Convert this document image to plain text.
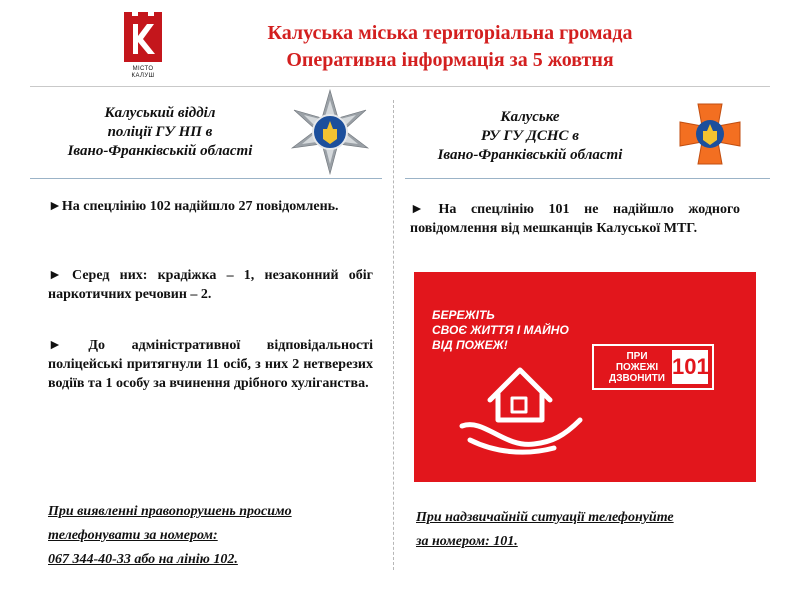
МІСТО
КАЛУШ
Калуська міська територіальна громада
Оперативна інформація за 5 жовтня
Калуський відділ
поліції ГУ НП в
Івано-Франківській області
►На спецлінію 102 надійшло 27 повідомлень.
► Серед них: крадіжка – 1, незаконний обіг наркотичних речовин – 2.
► До адміністративної відповідальності поліцейські притягнули 11 осіб, з них 2 нетверезих водіїв та 1 особу за вчинення дрібного хуліганства.
При виявленні правопорушень просимо
телефонувати за номером:
067 344-40-33 або на лінію 102.
Калуське
РУ ГУ ДСНС в
Івано-Франківській області
► На спецлінію 101 не надійшло жодного повідомлення від мешканців Калуської МТГ.
БЕРЕЖІТЬ
СВОЄ ЖИТТЯ І МАЙНО
ВІД ПОЖЕЖ!
ПРИ
ПОЖЕЖІ
ДЗВОНИТИ 101
При надзвичайній ситуації телефонуйте
за номером: 101.
